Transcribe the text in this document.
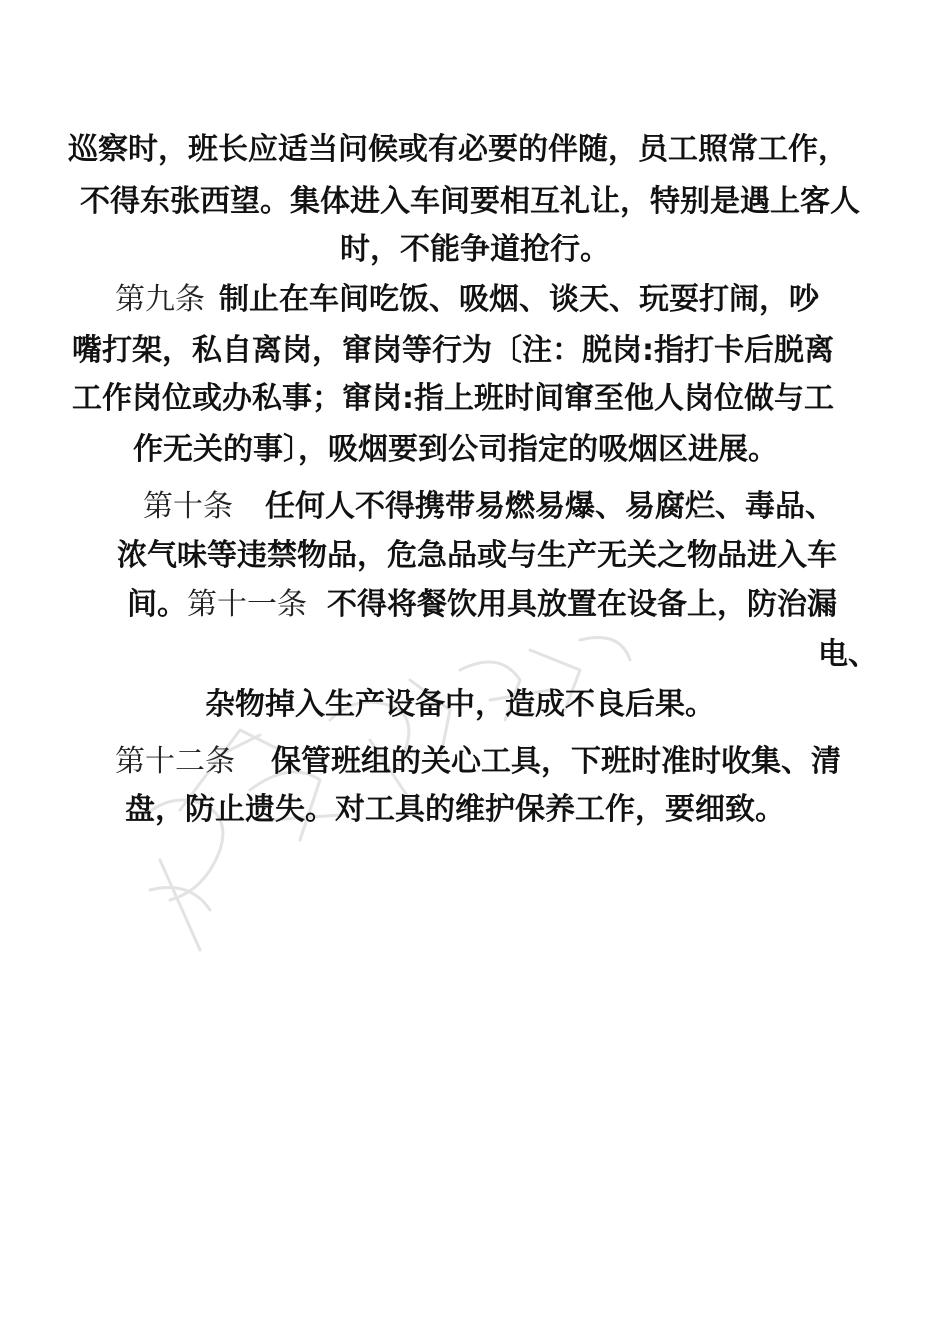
巡察时，班长应适当问候或有必要的伴随，员工照常工作，
不得东张西望。集体进入车间要相互礼让，特别是遇上客人
时，不能争道抢行。
第九条 制止在车间吃饭、吸烟、谈天、玩耍打闹，吵
嘴打架，私自离岗，窜岗等行为〔注：脱岗:指打卡后脱离
工作岗位或办私事；窜岗:指上班时间窜至他人岗位做与工
作无关的事〕，吸烟要到公司指定的吸烟区进展。
第十条 任何人不得携带易燃易爆、易腐烂、毒品、
浓气味等违禁物品，危急品或与生产无关之物品进入车
间。第十一条 不得将餐饮用具放置在设备上，防治漏
电、
杂物掉入生产设备中，造成不良后果。
第十二条 保管班组的关心工具，下班时准时收集、清
盘，防止遗失。对工具的维护保养工作，要细致。
